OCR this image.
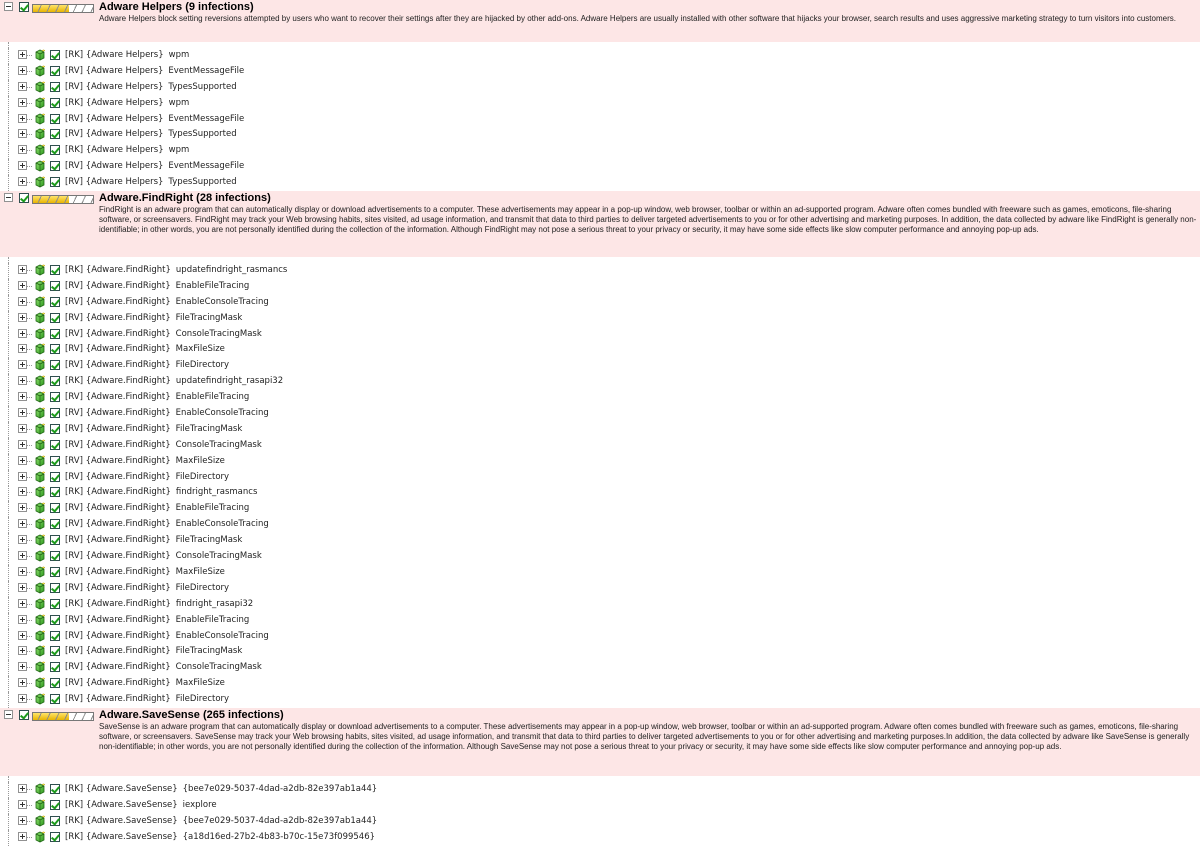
Adware Helpers (9 infections)
Adware Helpers block setting reversions attempted by users who want to recover their settings after they are hijacked by other add-ons. Adware Helpers are usually installed with other software that hijacks your browser, search results and uses aggressive marketing strategy to turn visitors into customers.
[RK] {Adware Helpers} wpm
[RV] {Adware Helpers} EventMessageFile
[RV] {Adware Helpers} TypesSupported
[RK] {Adware Helpers} wpm
[RV] {Adware Helpers} EventMessageFile
[RV] {Adware Helpers} TypesSupported
[RK] {Adware Helpers} wpm
[RV] {Adware Helpers} EventMessageFile
[RV] {Adware Helpers} TypesSupported
Adware.FindRight (28 infections)
FindRight is an adware program that can automatically display or download advertisements to a computer. These advertisements may appear in a pop-up window, web browser, toolbar or within an ad-supported program. Adware often comes bundled with freeware such as games, emoticons, file-sharing software, or screensavers. FindRight may track your Web browsing habits, sites visited, ad usage information, and transmit that data to third parties to deliver targeted advertisements to you or for other advertising and marketing purposes. In addition, the data collected by adware like FindRight is generally non-identifiable; in other words, you are not personally identified during the collection of the information. Although FindRight may not pose a serious threat to your privacy or security, it may have some side effects like slow computer performance and annoying pop-up ads.
[RK] {Adware.FindRight} updatefindright_rasmancs
[RV] {Adware.FindRight} EnableFileTracing
[RV] {Adware.FindRight} EnableConsoleTracing
[RV] {Adware.FindRight} FileTracingMask
[RV] {Adware.FindRight} ConsoleTracingMask
[RV] {Adware.FindRight} MaxFileSize
[RV] {Adware.FindRight} FileDirectory
[RK] {Adware.FindRight} updatefindright_rasapi32
[RV] {Adware.FindRight} EnableFileTracing
[RV] {Adware.FindRight} EnableConsoleTracing
[RV] {Adware.FindRight} FileTracingMask
[RV] {Adware.FindRight} ConsoleTracingMask
[RV] {Adware.FindRight} MaxFileSize
[RV] {Adware.FindRight} FileDirectory
[RK] {Adware.FindRight} findright_rasmancs
[RV] {Adware.FindRight} EnableFileTracing
[RV] {Adware.FindRight} EnableConsoleTracing
[RV] {Adware.FindRight} FileTracingMask
[RV] {Adware.FindRight} ConsoleTracingMask
[RV] {Adware.FindRight} MaxFileSize
[RV] {Adware.FindRight} FileDirectory
[RK] {Adware.FindRight} findright_rasapi32
[RV] {Adware.FindRight} EnableFileTracing
[RV] {Adware.FindRight} EnableConsoleTracing
[RV] {Adware.FindRight} FileTracingMask
[RV] {Adware.FindRight} ConsoleTracingMask
[RV] {Adware.FindRight} MaxFileSize
[RV] {Adware.FindRight} FileDirectory
Adware.SaveSense (265 infections)
SaveSense is an adware program that can automatically display or download advertisements to a computer. These advertisements may appear in a pop-up window, web browser, toolbar or within an ad-supported program. Adware often comes bundled with freeware such as games, emoticons, file-sharing software, or screensavers. SaveSense may track your Web browsing habits, sites visited, ad usage information, and transmit that data to third parties to deliver targeted advertisements to you or for other advertising and marketing purposes.In addition, the data collected by adware like SaveSense is generally non-identifiable; in other words, you are not personally identified during the collection of the information. Although SaveSense may not pose a serious threat to your privacy or security, it may have some side effects like slow computer performance and annoying pop-up ads.
[RK] {Adware.SaveSense} {bee7e029-5037-4dad-a2db-82e397ab1a44}
[RK] {Adware.SaveSense} iexplore
[RK] {Adware.SaveSense} {bee7e029-5037-4dad-a2db-82e397ab1a44}
[RK] {Adware.SaveSense} {a18d16ed-27b2-4b83-b70c-15e73f099546}
